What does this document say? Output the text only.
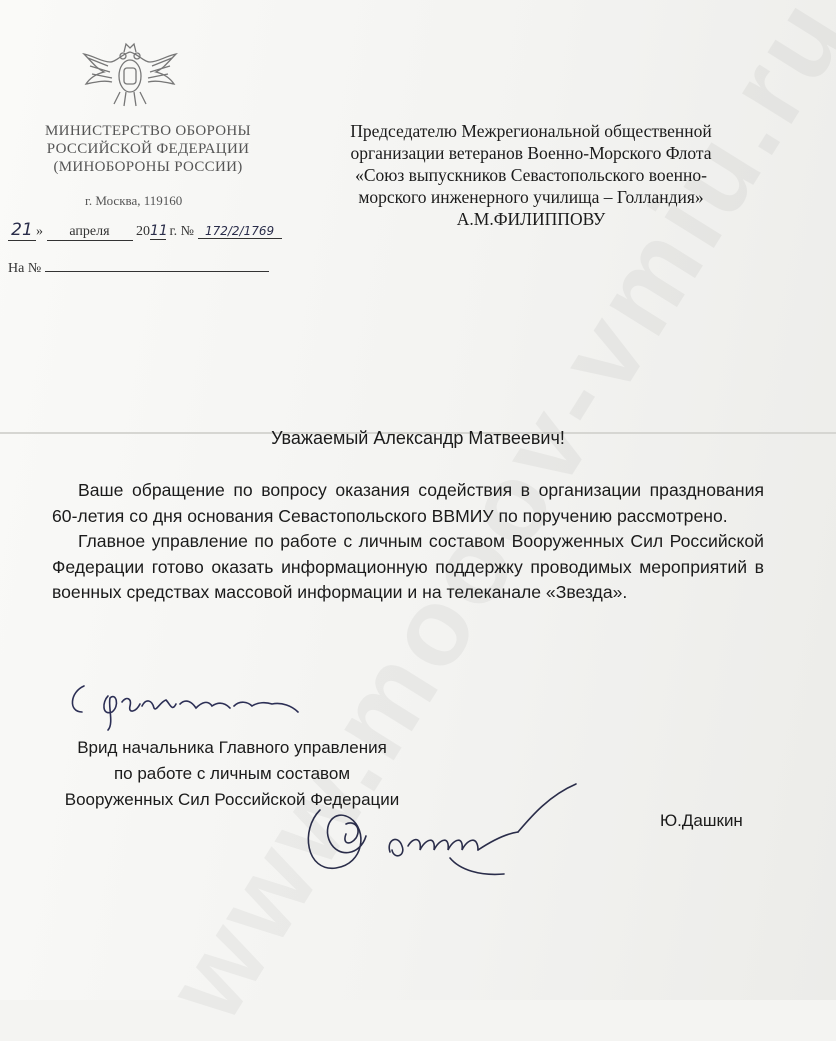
МИНИСТЕРСТВО ОБОРОНЫ
РОССИЙСКОЙ ФЕДЕРАЦИИ
(МИНОБОРОНЫ РОССИИ)
г. Москва, 119160
21 » апреля 2011 г. № 172/2/1769
На №
Председателю Межрегиональной общественной
организации ветеранов Военно-Морского Флота
«Союз выпускников Севастопольского военно-
морского инженерного училища – Голландия»
А.М.ФИЛИППОВУ
Уважаемый Александр Матвеевич!

Ваше обращение по вопросу оказания содействия в организации празднования 60-летия со дня основания Севастопольского ВВМИУ по поручению рассмотрено.

Главное управление по работе с личным составом Вооруженных Сил Российской Федерации готово оказать информационную поддержку проводимых мероприятий в военных средствах массовой информации и на телеканале «Звезда».

Врид начальника Главного управления
по работе с личным составом
Вооруженных Сил Российской Федерации
Ю.Дашкин
